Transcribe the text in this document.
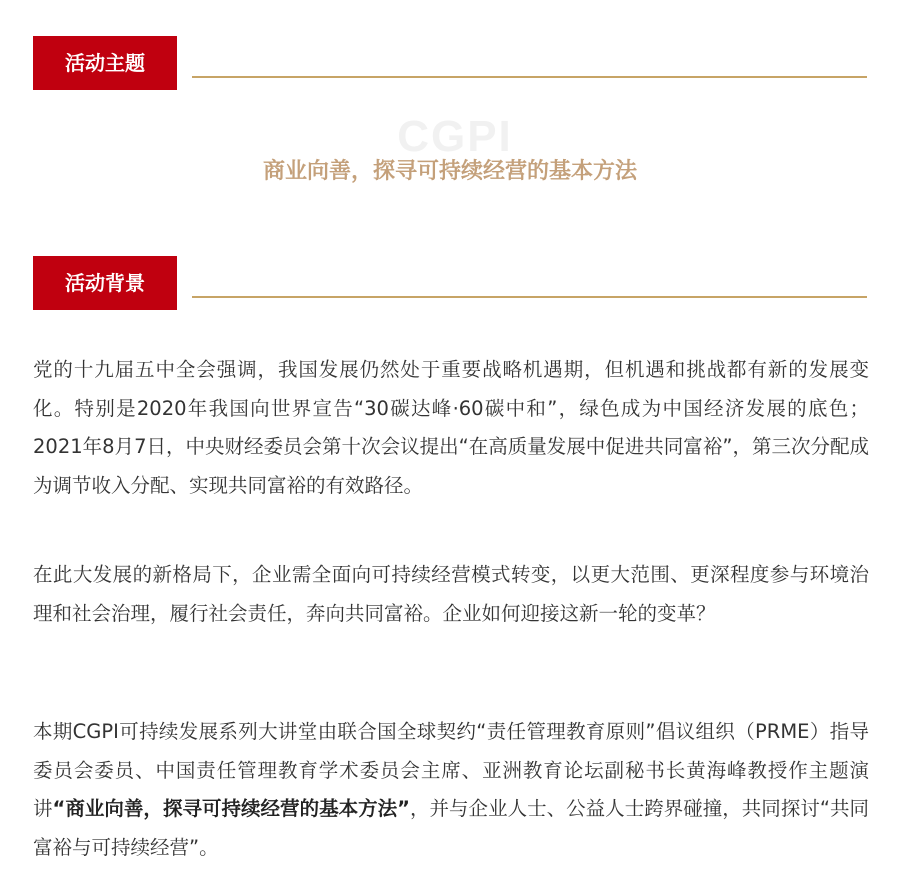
活动主题
CGPI
商业向善，探寻可持续经营的基本方法
活动背景

党的十九届五中全会强调，我国发展仍然处于重要战略机遇期，但机遇和挑战都有新的发展变化。特别是2020年我国向世界宣告“30碳达峰·60碳中和”，绿色成为中国经济发展的底色；2021年8月7日，中央财经委员会第十次会议提出“在高质量发展中促进共同富裕”，第三次分配成为调节收入分配、实现共同富裕的有效路径。

在此大发展的新格局下，企业需全面向可持续经营模式转变，以更大范围、更深程度参与环境治理和社会治理，履行社会责任，奔向共同富裕。企业如何迎接这新一轮的变革？

本期CGPI可持续发展系列大讲堂由联合国全球契约“责任管理教育原则”倡议组织（PRME）指导委员会委员、中国责任管理教育学术委员会主席、亚洲教育论坛副秘书长黄海峰教授作主题演讲“商业向善，探寻可持续经营的基本方法”，并与企业人士、公益人士跨界碰撞，共同探讨“共同富裕与可持续经营”。
